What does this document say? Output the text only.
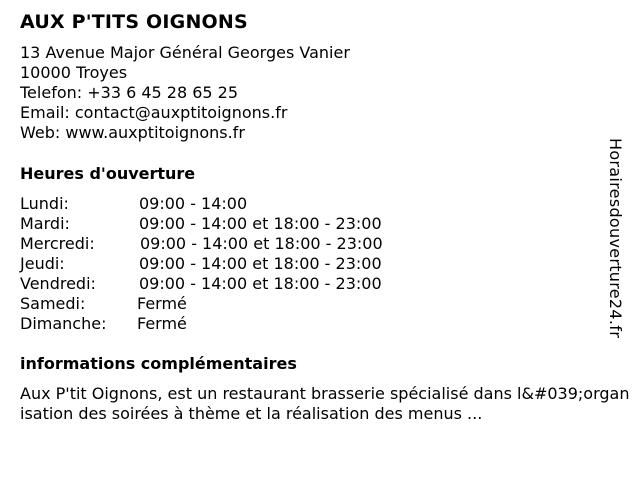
AUX P'TITS OIGNONS
13 Avenue Major Général Georges Vanier
10000 Troyes
Telefon: +33 6 45 28 65 25
Email: contact@auxptitoignons.fr
Web: www.auxptitoignons.fr
Heures d'ouverture
Lundi:	09:00 - 14:00
Mardi:	09:00 - 14:00 et 18:00 - 23:00
Mercredi:	09:00 - 14:00 et 18:00 - 23:00
Jeudi:	09:00 - 14:00 et 18:00 - 23:00
Vendredi:	09:00 - 14:00 et 18:00 - 23:00
Samedi:	Fermé
Dimanche: Fermé
informations complémentaires
Aux P'tit Oignons, est un restaurant brasserie spécialisé dans l&#039;organisation des soirées à thème et la réalisation des menus ...
Horairesdouverture24.fr
